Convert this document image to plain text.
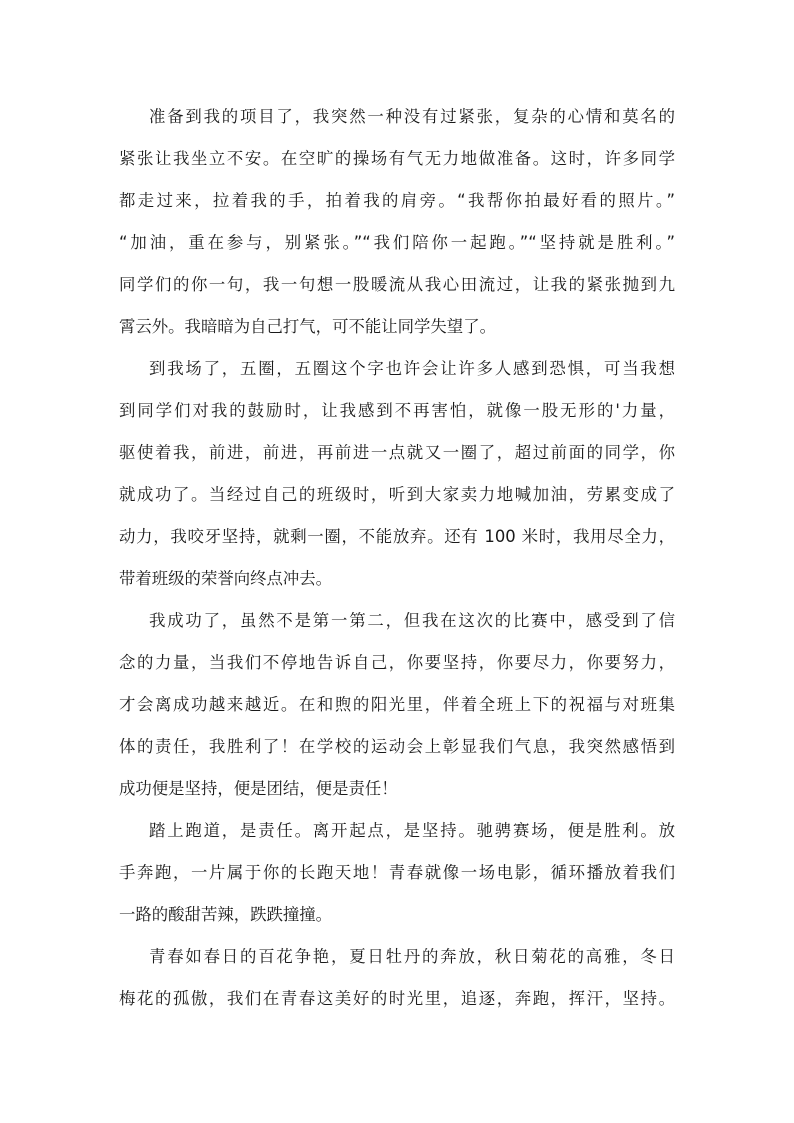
准备到我的项目了，我突然一种没有过紧张，复杂的心情和莫名的
紧张让我坐立不安。在空旷的操场有气无力地做准备。这时，许多同学
都走过来，拉着我的手，拍着我的肩旁。“我帮你拍最好看的照片。”
“加油，重在参与，别紧张。”“我们陪你一起跑。”“坚持就是胜利。”
同学们的你一句，我一句想一股暖流从我心田流过，让我的紧张抛到九
霄云外。我暗暗为自己打气，可不能让同学失望了。
到我场了，五圈，五圈这个字也许会让许多人感到恐惧，可当我想
到同学们对我的鼓励时，让我感到不再害怕，就像一股无形的'力量，
驱使着我，前进，前进，再前进一点就又一圈了，超过前面的同学，你
就成功了。当经过自己的班级时，听到大家卖力地喊加油，劳累变成了
动力，我咬牙坚持，就剩一圈，不能放弃。还有 100 米时，我用尽全力，
带着班级的荣誉向终点冲去。
我成功了，虽然不是第一第二，但我在这次的比赛中，感受到了信
念的力量，当我们不停地告诉自己，你要坚持，你要尽力，你要努力，
才会离成功越来越近。在和煦的阳光里，伴着全班上下的祝福与对班集
体的责任，我胜利了！在学校的运动会上彰显我们气息，我突然感悟到
成功便是坚持，便是团结，便是责任！
踏上跑道，是责任。离开起点，是坚持。驰骋赛场，便是胜利。放
手奔跑，一片属于你的长跑天地！青春就像一场电影，循环播放着我们
一路的酸甜苦辣，跌跌撞撞。
青春如春日的百花争艳，夏日牡丹的奔放，秋日菊花的高雅，冬日
梅花的孤傲，我们在青春这美好的时光里，追逐，奔跑，挥汗，坚持。
